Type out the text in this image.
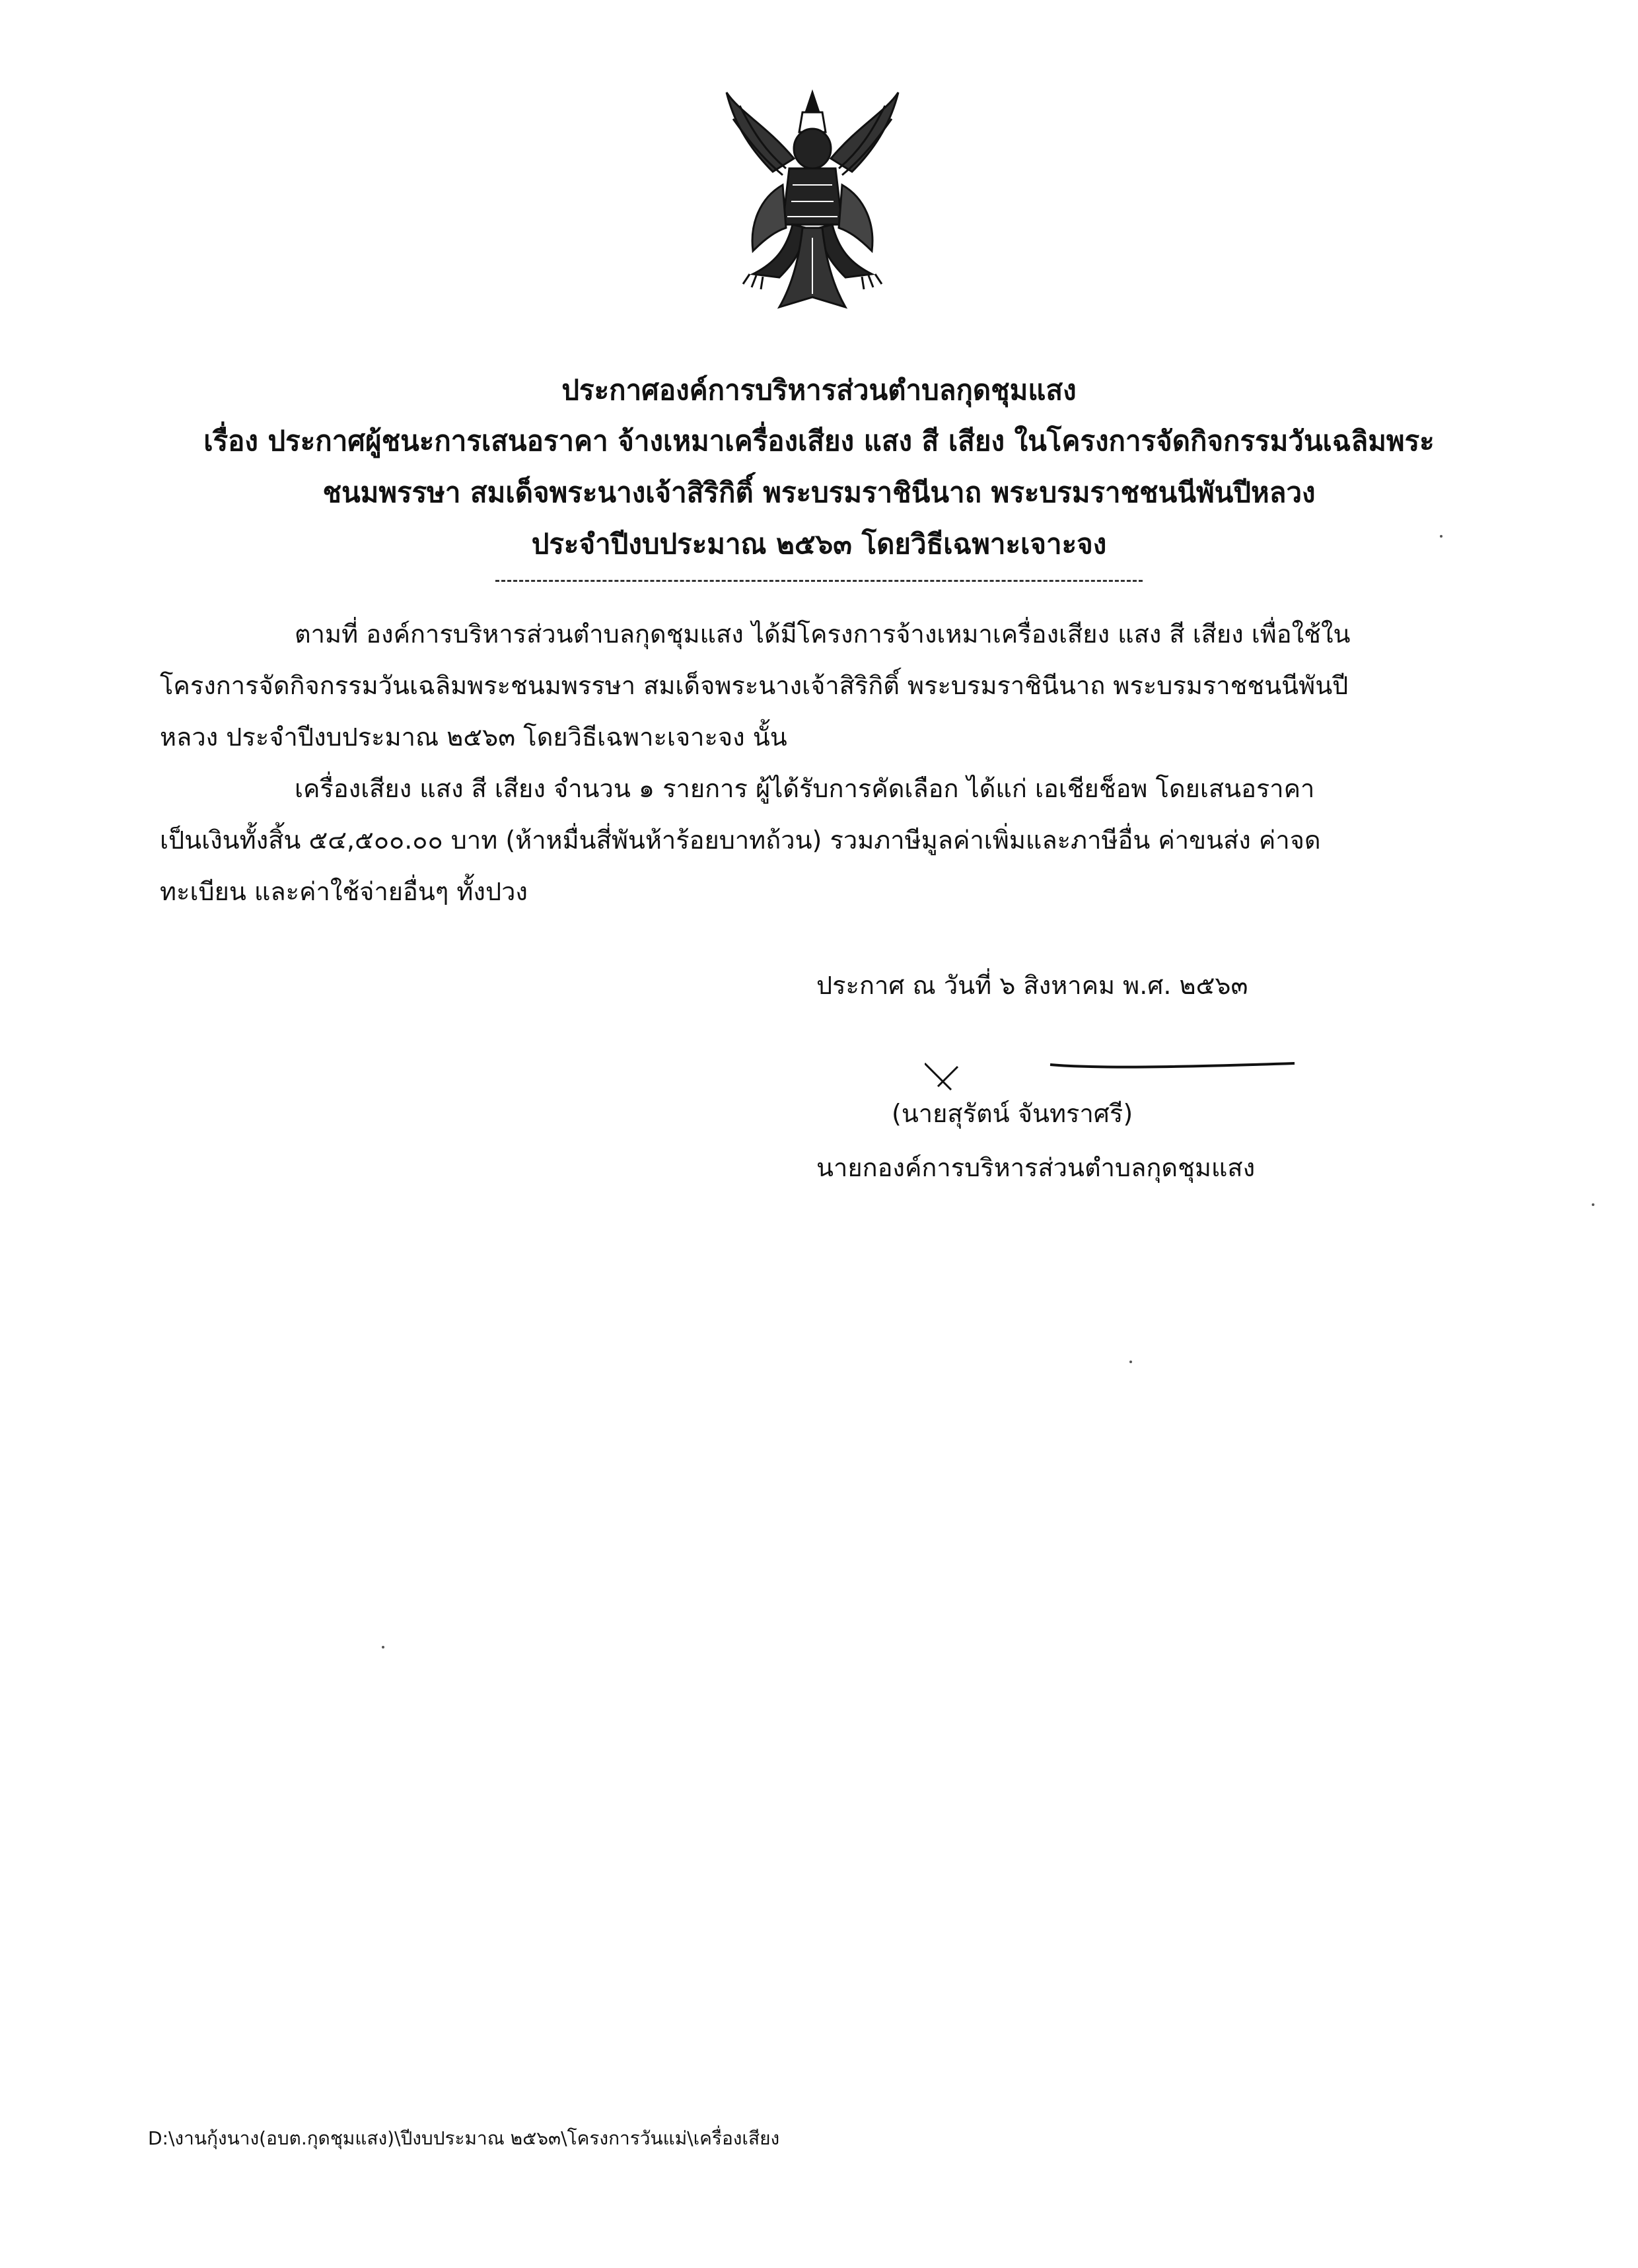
ประกาศองค์การบริหารส่วนตำบลกุดชุมแสง
เรื่อง ประกาศผู้ชนะการเสนอราคา จ้างเหมาเครื่องเสียง แสง สี เสียง ในโครงการจัดกิจกรรมวันเฉลิมพระ
ชนมพรรษา สมเด็จพระนางเจ้าสิริกิติ์ พระบรมราชินีนาถ พระบรมราชชนนีพันปีหลวง
ประจำปีงบประมาณ ๒๕๖๓ โดยวิธีเฉพาะเจาะจง
ตามที่ องค์การบริหารส่วนตำบลกุดชุมแสง ได้มีโครงการจ้างเหมาเครื่องเสียง แสง สี เสียง เพื่อใช้ใน
โครงการจัดกิจกรรมวันเฉลิมพระชนมพรรษา สมเด็จพระนางเจ้าสิริกิติ์ พระบรมราชินีนาถ พระบรมราชชนนีพันปี
หลวง ประจำปีงบประมาณ ๒๕๖๓ โดยวิธีเฉพาะเจาะจง นั้น
เครื่องเสียง แสง สี เสียง จำนวน ๑ รายการ ผู้ได้รับการคัดเลือก ได้แก่ เอเชียช็อพ โดยเสนอราคา
เป็นเงินทั้งสิ้น ๕๔,๕๐๐.๐๐ บาท (ห้าหมื่นสี่พันห้าร้อยบาทถ้วน) รวมภาษีมูลค่าเพิ่มและภาษีอื่น ค่าขนส่ง ค่าจด
ทะเบียน และค่าใช้จ่ายอื่นๆ ทั้งปวง
ประกาศ ณ วันที่ ๖ สิงหาคม พ.ศ. ๒๕๖๓
(นายสุรัตน์ จันทราศรี)
นายกองค์การบริหารส่วนตำบลกุดชุมแสง
D:\งานกุ้งนาง(อบต.กุดชุมแสง)\ปีงบประมาณ ๒๕๖๓\โครงการวันแม่\เครื่องเสียง
